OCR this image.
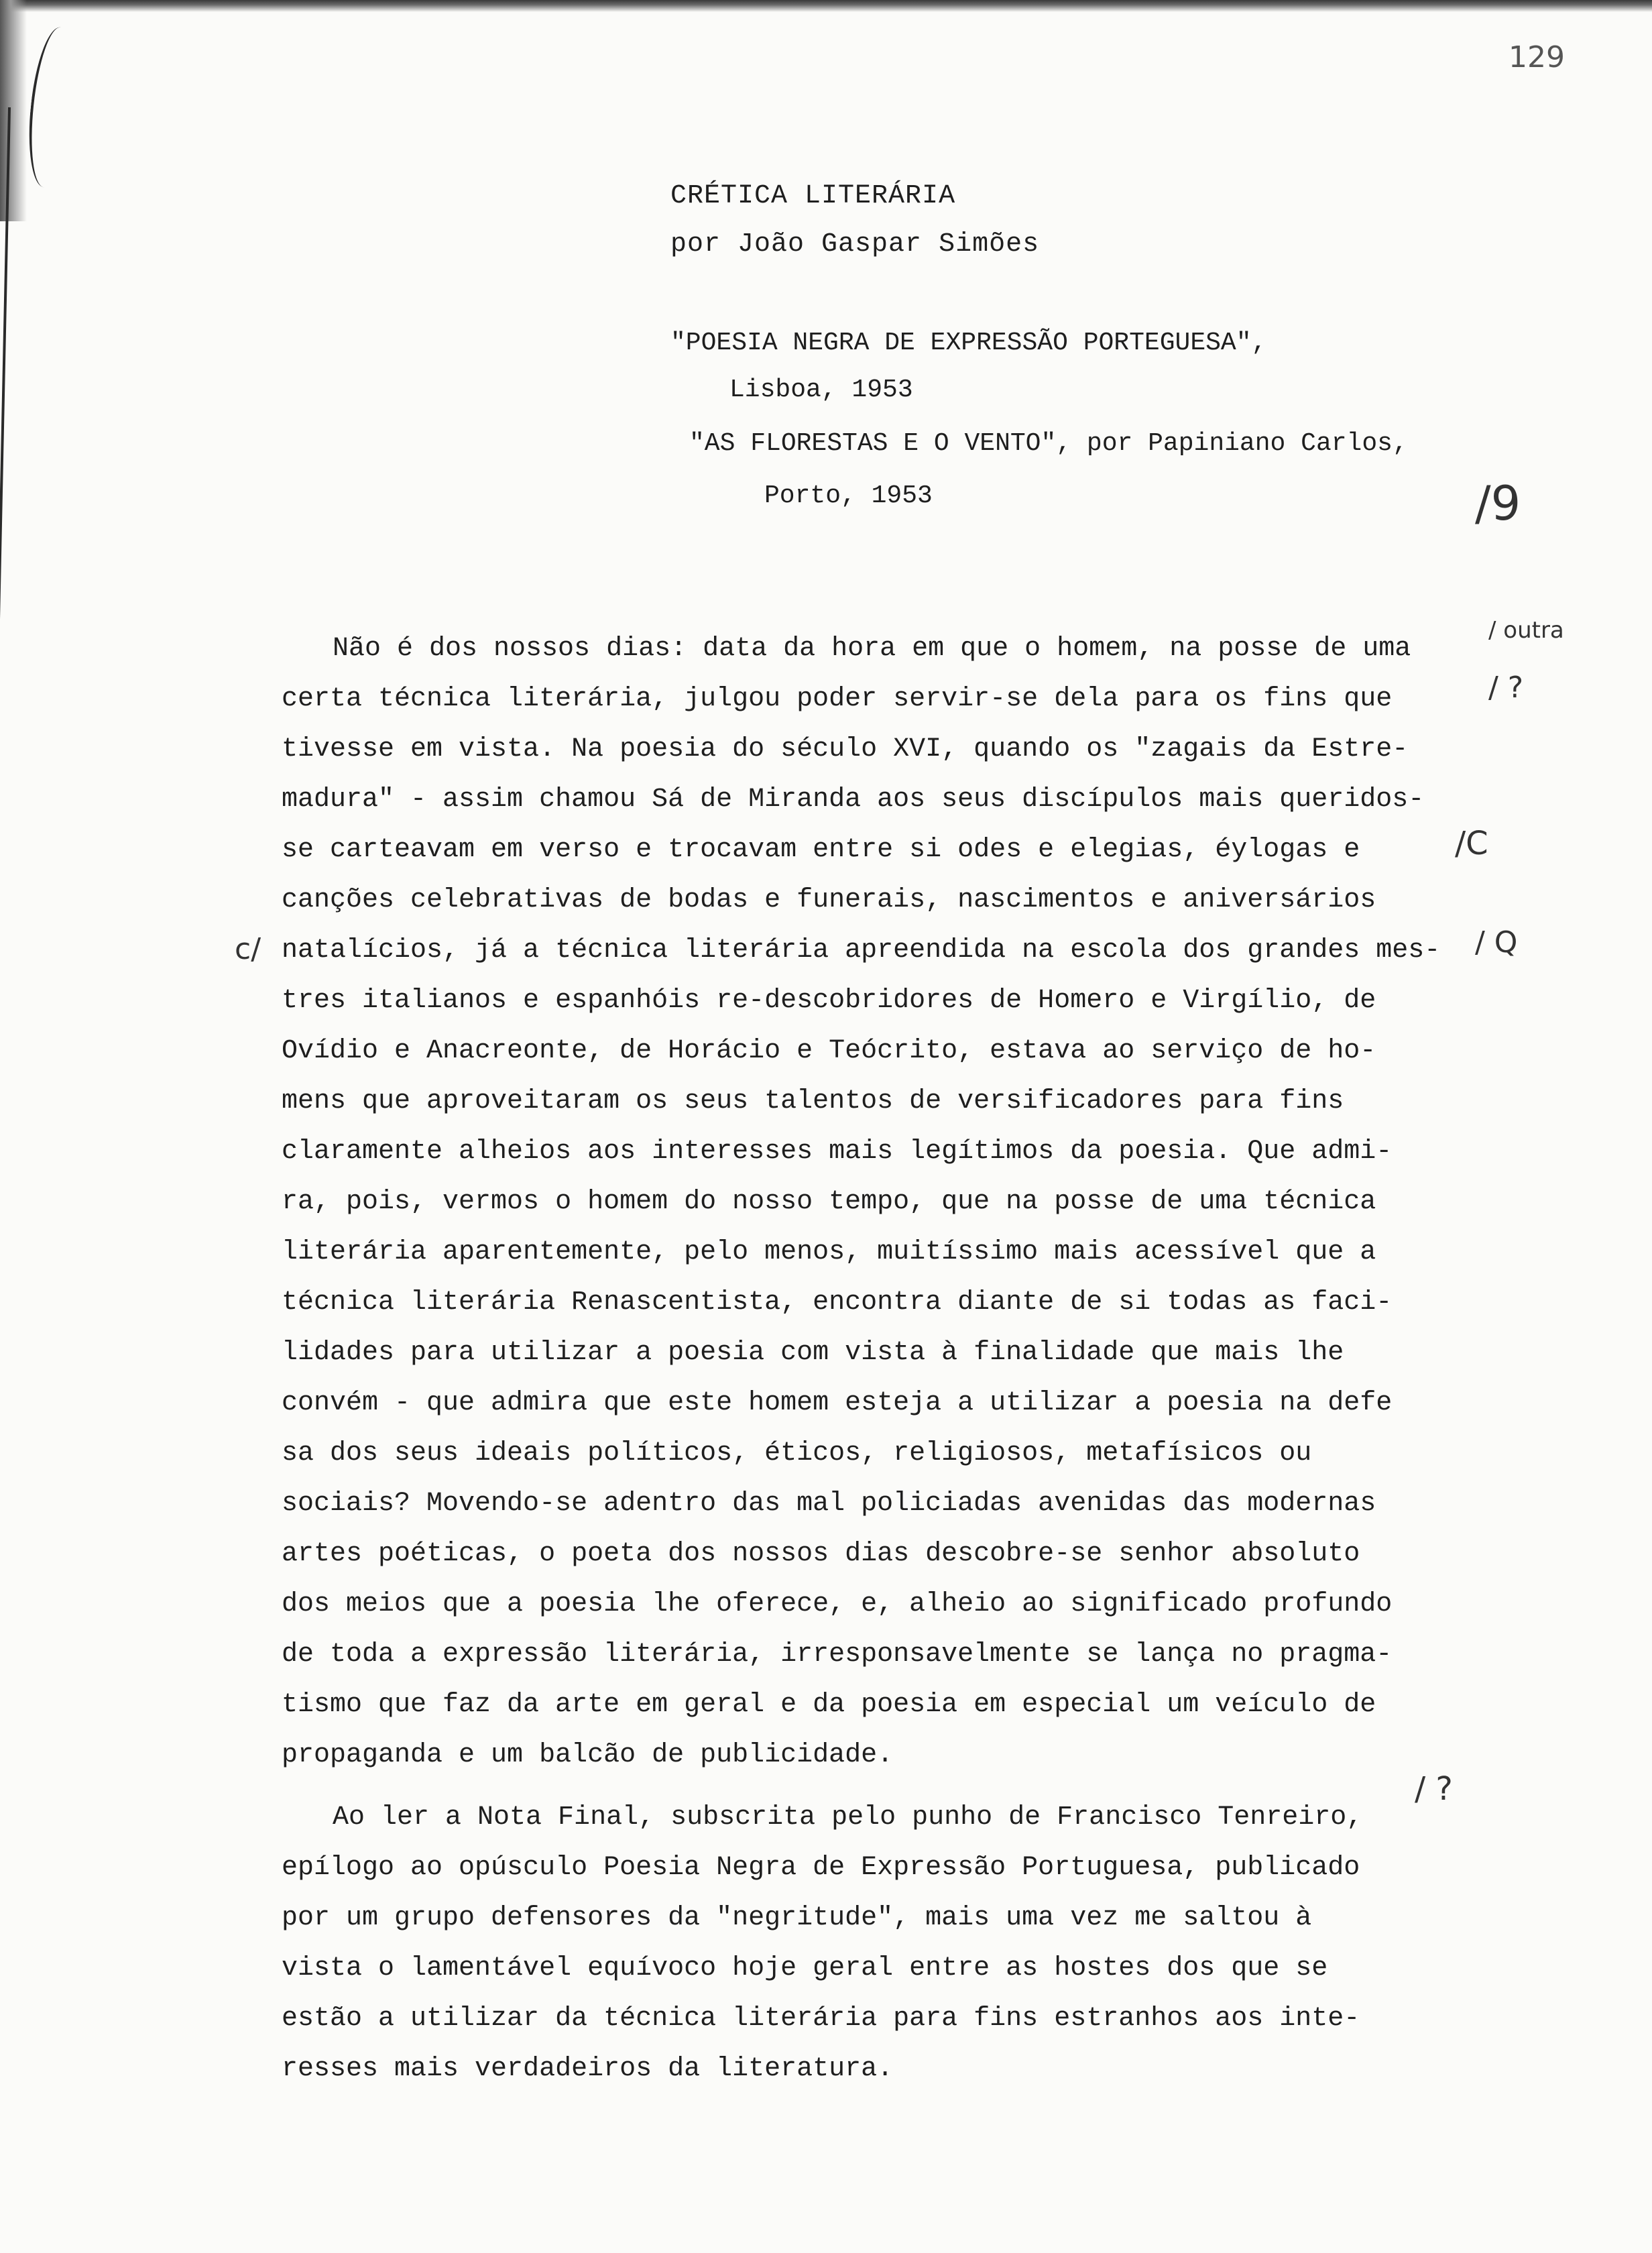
129
CRÉTICA LITERÁRIA
por João Gaspar Simões
"POESIA NEGRA DE EXPRESSÃO PORTEGUESA",
Lisboa, 1953
"AS FLORESTAS E O VENTO", por Papiniano Carlos,
Porto, 1953
Não é dos nossos dias: data da hora em que o homem, na posse de uma
certa técnica literária, julgou poder servir-se dela para os fins que
tivesse em vista. Na poesia do século XVI, quando os "zagais da Estre-
madura" - assim chamou Sá de Miranda aos seus discípulos mais queridos-
se carteavam em verso e trocavam entre si odes e elegias, éylogas e
canções celebrativas de bodas e funerais, nascimentos e aniversários
natalícios, já a técnica literária apreendida na escola dos grandes mes-
tres italianos e espanhóis re-descobridores de Homero e Virgílio, de
Ovídio e Anacreonte, de Horácio e Teócrito, estava ao serviço de ho-
mens que aproveitaram os seus talentos de versificadores para fins
claramente alheios aos interesses mais legítimos da poesia. Que admi-
ra, pois, vermos o homem do nosso tempo, que na posse de uma técnica
literária aparentemente, pelo menos, muitíssimo mais acessível que a
técnica literária Renascentista, encontra diante de si todas as faci-
lidades para utilizar a poesia com vista à finalidade que mais lhe
convém - que admira que este homem esteja a utilizar a poesia na defe
sa dos seus ideais políticos, éticos, religiosos, metafísicos ou
sociais? Movendo-se adentro das mal policiadas avenidas das modernas
artes poéticas, o poeta dos nossos dias descobre-se senhor absoluto
dos meios que a poesia lhe oferece, e, alheio ao significado profundo
de toda a expressão literária, irresponsavelmente se lança no pragma-
tismo que faz da arte em geral e da poesia em especial um veículo de
propaganda e um balcão de publicidade.
Ao ler a Nota Final, subscrita pelo punho de Francisco Tenreiro,
epílogo ao opúsculo Poesia Negra de Expressão Portuguesa, publicado
por um grupo defensores da "negritude", mais uma vez me saltou à
vista o lamentável equívoco hoje geral entre as hostes dos que se
estão a utilizar da técnica literária para fins estranhos aos inte-
resses mais verdadeiros da literatura.
/9
/ outra
/ ?
/C
/ Q
c/
/ ?
